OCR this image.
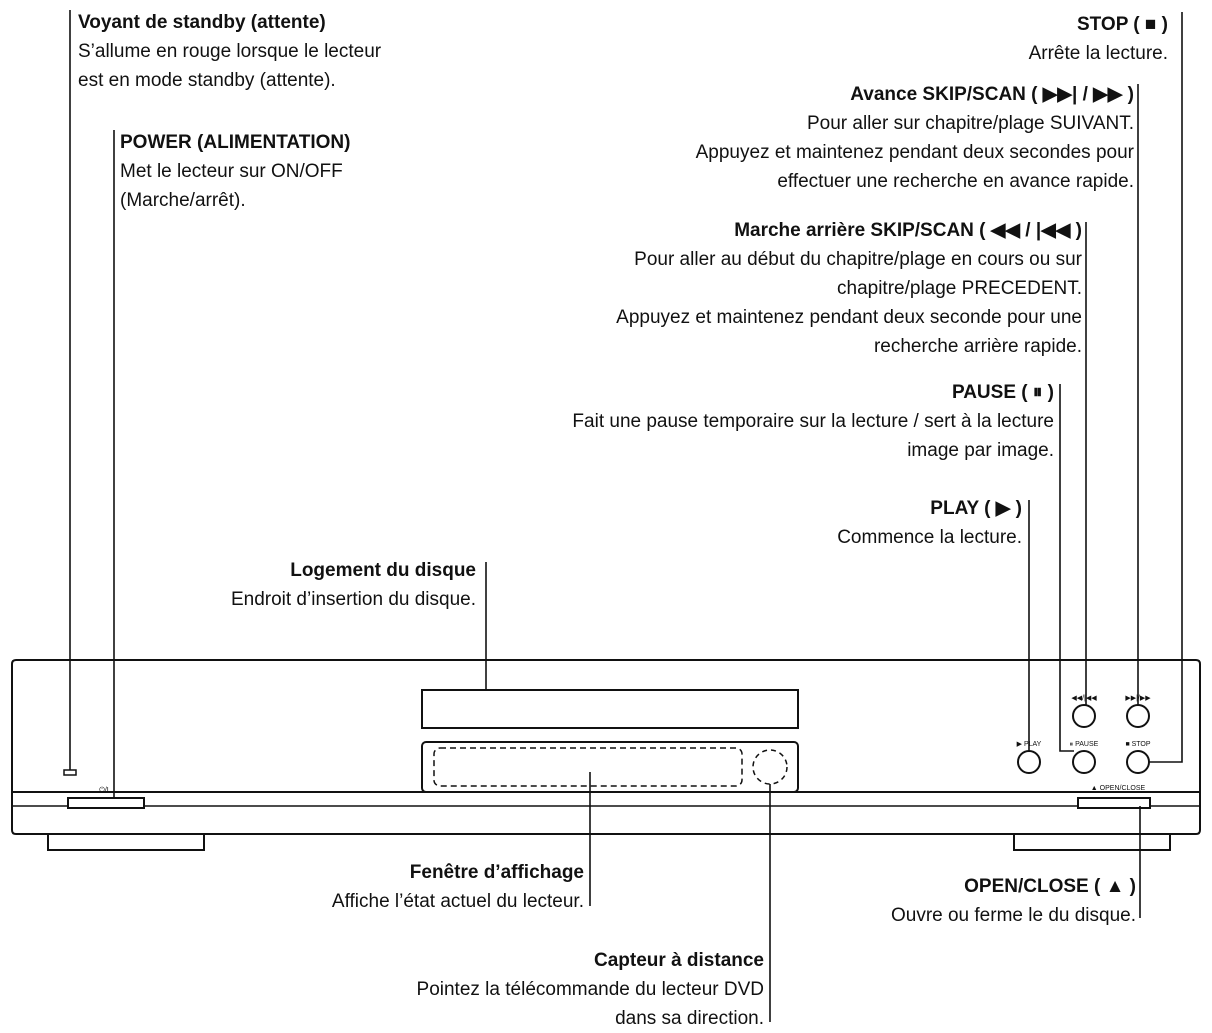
Voyant de standby (attente)
S’allume en rouge lorsque le lecteur
est en mode standby (attente).
POWER (ALIMENTATION)
Met le lecteur sur ON/OFF
(Marche/arrêt).
STOP ( ■ )
Arrête la lecture.
Avance SKIP/SCAN ( ▶▶| / ▶▶ )
Pour aller sur chapitre/plage SUIVANT.
Appuyez et maintenez pendant deux secondes pour
effectuer une recherche en avance rapide.
Marche arrière SKIP/SCAN ( ◀◀ / |◀◀ )
Pour aller au début du chapitre/plage en cours ou sur
chapitre/plage PRECEDENT.
Appuyez et maintenez pendant deux seconde pour une
recherche arrière rapide.
PAUSE ( ⏸ )
Fait une pause temporaire sur la lecture / sert à la lecture
image par image.
PLAY ( ▶ )
Commence la lecture.
Logement du disque
Endroit d’insertion du disque.
Fenêtre d’affichage
Affiche l’état actuel du lecteur.
OPEN/CLOSE ( ▲ )
Ouvre ou ferme le du disque.
Capteur à distance
Pointez la télécommande du lecteur DVD
dans sa direction.
◀◀/|◀◀	▶▶|/▶▶
▶ PLAY	⏸ PAUSE	■ STOP
▲ OPEN/CLOSE
⏻/I
